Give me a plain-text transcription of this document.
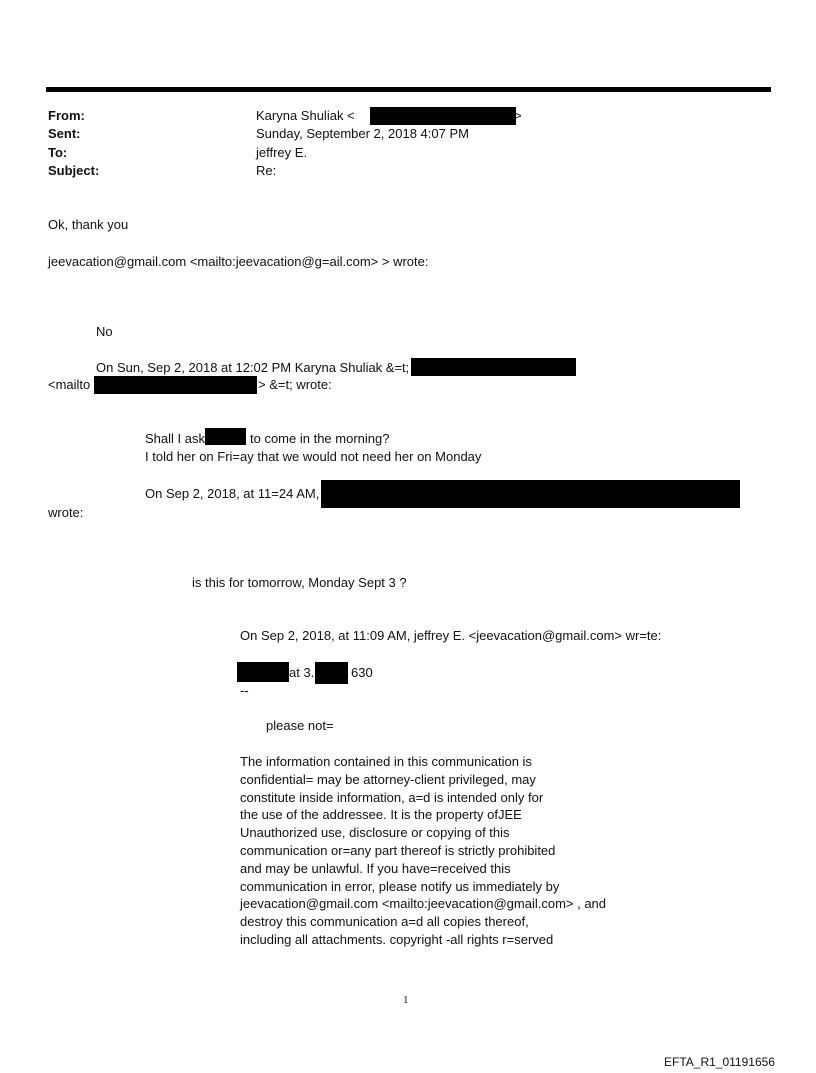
From:	Karyna Shuliak <	>
Sent:	Sunday, September 2, 2018 4:07 PM
To:	jeffrey E.
Subject:	Re:
Ok, thank you
jeevacation@gmail.com <mailto:jeevacation@g=ail.com> > wrote:
No
On Sun, Sep 2, 2018 at 12:02 PM Karyna Shuliak &=t;
<mailto	> &=t; wrote:
Shall I ask	to come in the morning?
I told her on Fri=ay that we would not need her on Monday
On Sep 2, 2018, at 11=24 AM,
wrote:
is this for tomorrow, Monday Sept 3 ?
On Sep 2, 2018, at 11:09 AM, jeffrey E. <jeevacation@gmail.com> wr=te:
at 3.	630
--
please not=
The information contained in this communication is
confidential= may be attorney-client privileged, may
constitute inside information, a=d is intended only for
the use of the addressee. It is the property ofJEE
Unauthorized use, disclosure or copying of this
communication or=any part thereof is strictly prohibited
and may be unlawful. If you have=received this
communication in error, please notify us immediately by
jeevacation@gmail.com <mailto:jeevacation@gmail.com> , and
destroy this communication a=d all copies thereof,
including all attachments. copyright -all rights r=served
1
EFTA_R1_01191656
